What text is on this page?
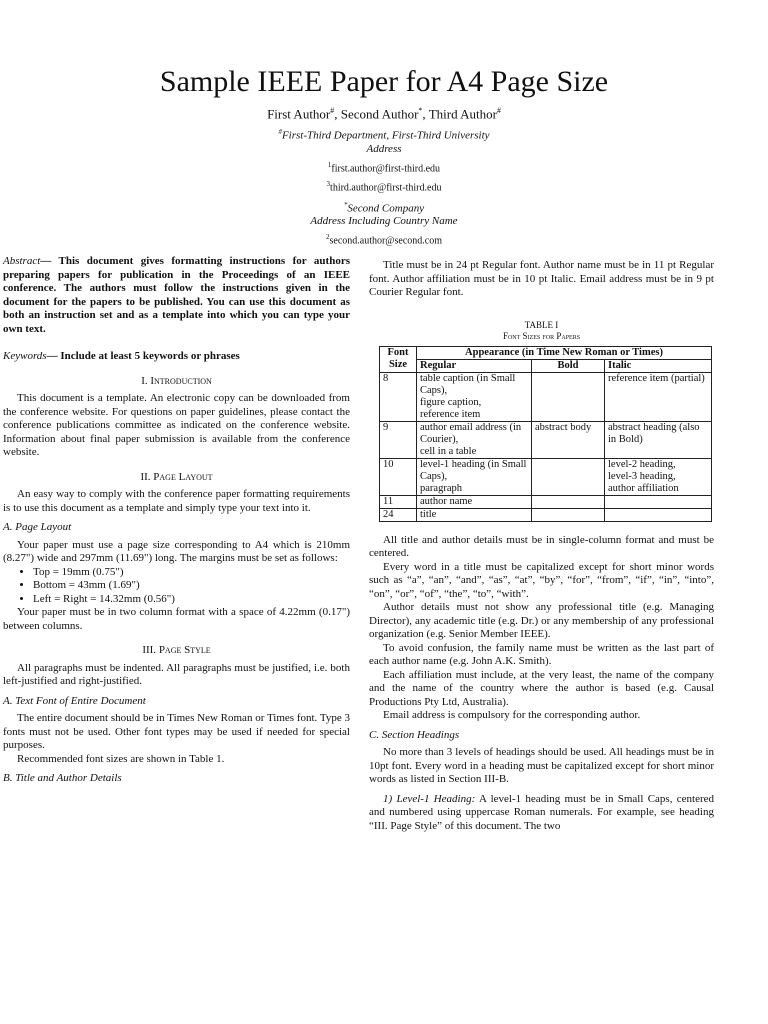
Sample IEEE Paper for A4 Page Size
First Author#, Second Author*, Third Author#
#First-Third Department, First-Third University
Address
$^1$first.author@first-third.edu
$^3$third.author@first-third.edu
*Second Company
Address Including Country Name
$^2$second.author@second.com

Abstract— This document gives formatting instructions for authors preparing papers for publication in the Proceedings of an IEEE conference. The authors must follow the instructions given in the document for the papers to be published. You can use this document as both an instruction set and as a template into which you can type your own text.

Keywords— Include at least 5 keywords or phrases

I. Introduction

This document is a template. An electronic copy can be downloaded from the conference website. For questions on paper guidelines, please contact the conference publications committee as indicated on the conference website. Information about final paper submission is available from the conference website.

II. Page Layout

An easy way to comply with the conference paper formatting requirements is to use this document as a template and simply type your text into it.

A. Page Layout

Your paper must use a page size corresponding to A4 which is 210mm (8.27") wide and 297mm (11.69") long. The margins must be set as follows:

• Top = 19mm (0.75")
• Bottom = 43mm (1.69")
• Left = Right = 14.32mm (0.56")

Your paper must be in two column format with a space of 4.22mm (0.17") between columns.

III. Page Style

All paragraphs must be indented. All paragraphs must be justified, i.e. both left-justified and right-justified.

A. Text Font of Entire Document

The entire document should be in Times New Roman or Times font. Type 3 fonts must not be used. Other font types may be used if needed for special purposes.

Recommended font sizes are shown in Table 1.

B. Title and Author Details

Title must be in 24 pt Regular font. Author name must be in 11 pt Regular font. Author affiliation must be in 10 pt Italic. Email address must be in 9 pt Courier Regular font.

TABLE I
Font Sizes for Papers
Font Size	Appearance (in Time New Roman or Times)		
	Regular	Bold	Italic
8	table caption (in Small Caps),
figure caption,
reference item		reference item (partial)
9	author email address (in Courier),
cell in a table	abstract body	abstract heading (also in Bold)
10	level-1 heading (in Small Caps),
paragraph		level-2 heading,
level-3 heading,
author affiliation
11	author name		
24	title		

All title and author details must be in single-column format and must be centered.

Every word in a title must be capitalized except for short minor words such as “a”, “an”, “and”, “as”, “at”, “by”, “for”, “from”, “if”, “in”, “into”, “on”, “or”, “of”, “the”, “to”, “with”.

Author details must not show any professional title (e.g. Managing Director), any academic title (e.g. Dr.) or any membership of any professional organization (e.g. Senior Member IEEE).

To avoid confusion, the family name must be written as the last part of each author name (e.g. John A.K. Smith).

Each affiliation must include, at the very least, the name of the company and the name of the country where the author is based (e.g. Causal Productions Pty Ltd, Australia).

Email address is compulsory for the corresponding author.

C. Section Headings

No more than 3 levels of headings should be used. All headings must be in 10pt font. Every word in a heading must be capitalized except for short minor words as listed in Section III-B.

1) Level-1 Heading: A level-1 heading must be in Small Caps, centered and numbered using uppercase Roman numerals. For example, see heading “III. Page Style” of this document. The two
